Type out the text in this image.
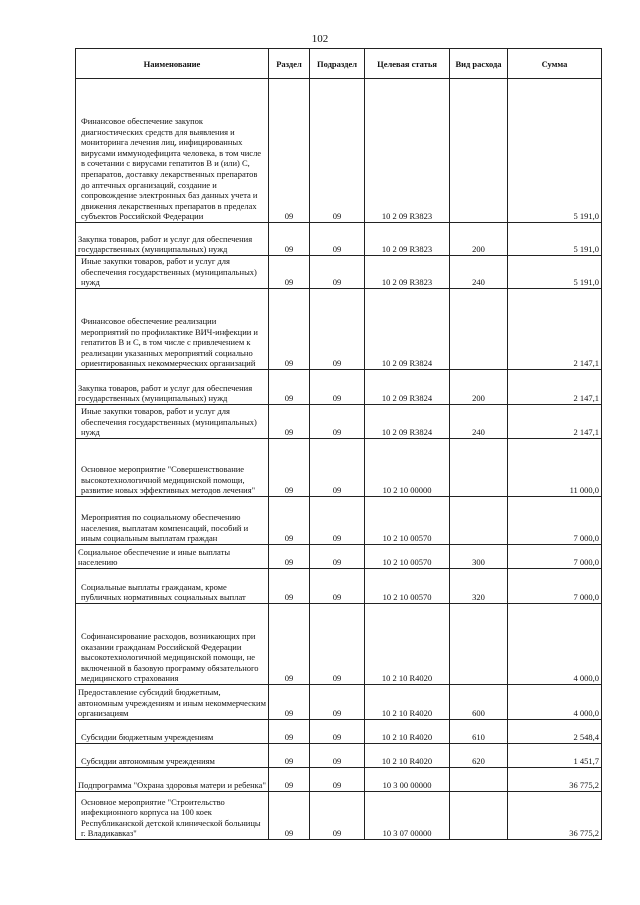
102
Наименование	Раздел	Подраздел	Целевая статья	Вид расхода	Сумма
Финансовое обеспечение закупок диагностических средств для выявления и мониторинга лечения лиц, инфицированных вирусами иммунодефицита человека, в том числе в сочетании с вирусами гепатитов В и (или) С, препаратов, доставку лекарственных препаратов до аптечных организаций, создание и сопровождение электронных баз данных учета и движения лекарственных препаратов в пределах субъектов Российской Федерации	09	09	10 2 09 R3823		5 191,0
Закупка товаров, работ и услуг для обеспечения государственных (муниципальных) нужд	09	09	10 2 09 R3823	200	5 191,0
Иные закупки товаров, работ и услуг для обеспечения государственных (муниципальных) нужд	09	09	10 2 09 R3823	240	5 191,0
Финансовое обеспечение реализации мероприятий по профилактике ВИЧ-инфекции и гепатитов В и С, в том числе с привлечением к реализации указанных мероприятий социально ориентированных некоммерческих организаций	09	09	10 2 09 R3824		2 147,1
Закупка товаров, работ и услуг для обеспечения государственных (муниципальных) нужд	09	09	10 2 09 R3824	200	2 147,1
Иные закупки товаров, работ и услуг для обеспечения государственных (муниципальных) нужд	09	09	10 2 09 R3824	240	2 147,1
Основное мероприятие "Совершенствование высокотехнологичной медицинской помощи, развитие новых эффективных методов лечения"	09	09	10 2 10 00000		11 000,0
Мероприятия по социальному обеспечению населения, выплатам компенсаций, пособий и иным социальным выплатам граждан	09	09	10 2 10 00570		7 000,0
Социальное обеспечение и иные выплаты населению	09	09	10 2 10 00570	300	7 000,0
Социальные выплаты гражданам, кроме публичных нормативных социальных выплат	09	09	10 2 10 00570	320	7 000,0
Софинансирование расходов, возникающих при оказании гражданам Российской Федерации высокотехнологичной медицинской помощи, не включенной в базовую программу обязательного медицинского страхования	09	09	10 2 10 R4020		4 000,0
Предоставление субсидий бюджетным, автономным учреждениям и иным некоммерческим организациям	09	09	10 2 10 R4020	600	4 000,0
Субсидии бюджетным учреждениям	09	09	10 2 10 R4020	610	2 548,4
Субсидии автономным учреждениям	09	09	10 2 10 R4020	620	1 451,7
Подпрограмма "Охрана здоровья матери и ребенка"	09	09	10 3 00 00000		36 775,2
Основное мероприятие "Строительство инфекционного корпуса на 100 коек Республиканской детской клинической больницы г. Владикавказ"	09	09	10 3 07 00000		36 775,2
